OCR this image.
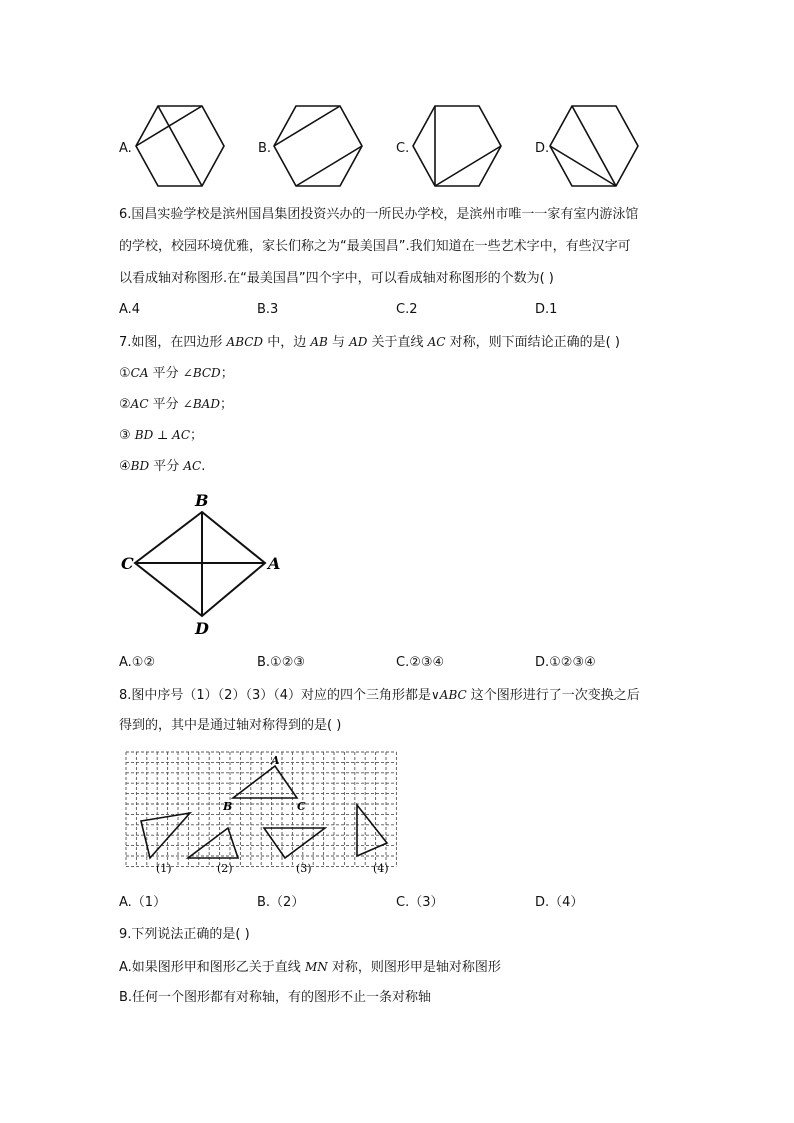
A.	B.	C.	D.
6.国昌实验学校是滨州国昌集团投资兴办的一所民办学校，是滨州市唯一一家有室内游泳馆
的学校，校园环境优雅，家长们称之为“最美国昌”.我们知道在一些艺术字中，有些汉字可
以看成轴对称图形.在“最美国昌”四个字中，可以看成轴对称图形的个数为( )
A.4	B.3	C.2	D.1
7.如图，在四边形 ABCD 中，边 AB 与 AD 关于直线 AC 对称，则下面结论正确的是( )
①CA 平分 ∠BCD；
②AC 平分 ∠BAD；
③ BD ⊥ AC；
④BD 平分 AC.
B
C	A
D
A.①②	B.①②③	C.②③④	D.①②③④
8.图中序号（1）（2）（3）（4）对应的四个三角形都是∨ABC 这个图形进行了一次变换之后
得到的，其中是通过轴对称得到的是( )
A
B	C
(1)	(2)	(3)	(4)
A.（1）	B.（2）	C.（3）	D.（4）
9.下列说法正确的是( )
A.如果图形甲和图形乙关于直线 MN 对称，则图形甲是轴对称图形
B.任何一个图形都有对称轴，有的图形不止一条对称轴
